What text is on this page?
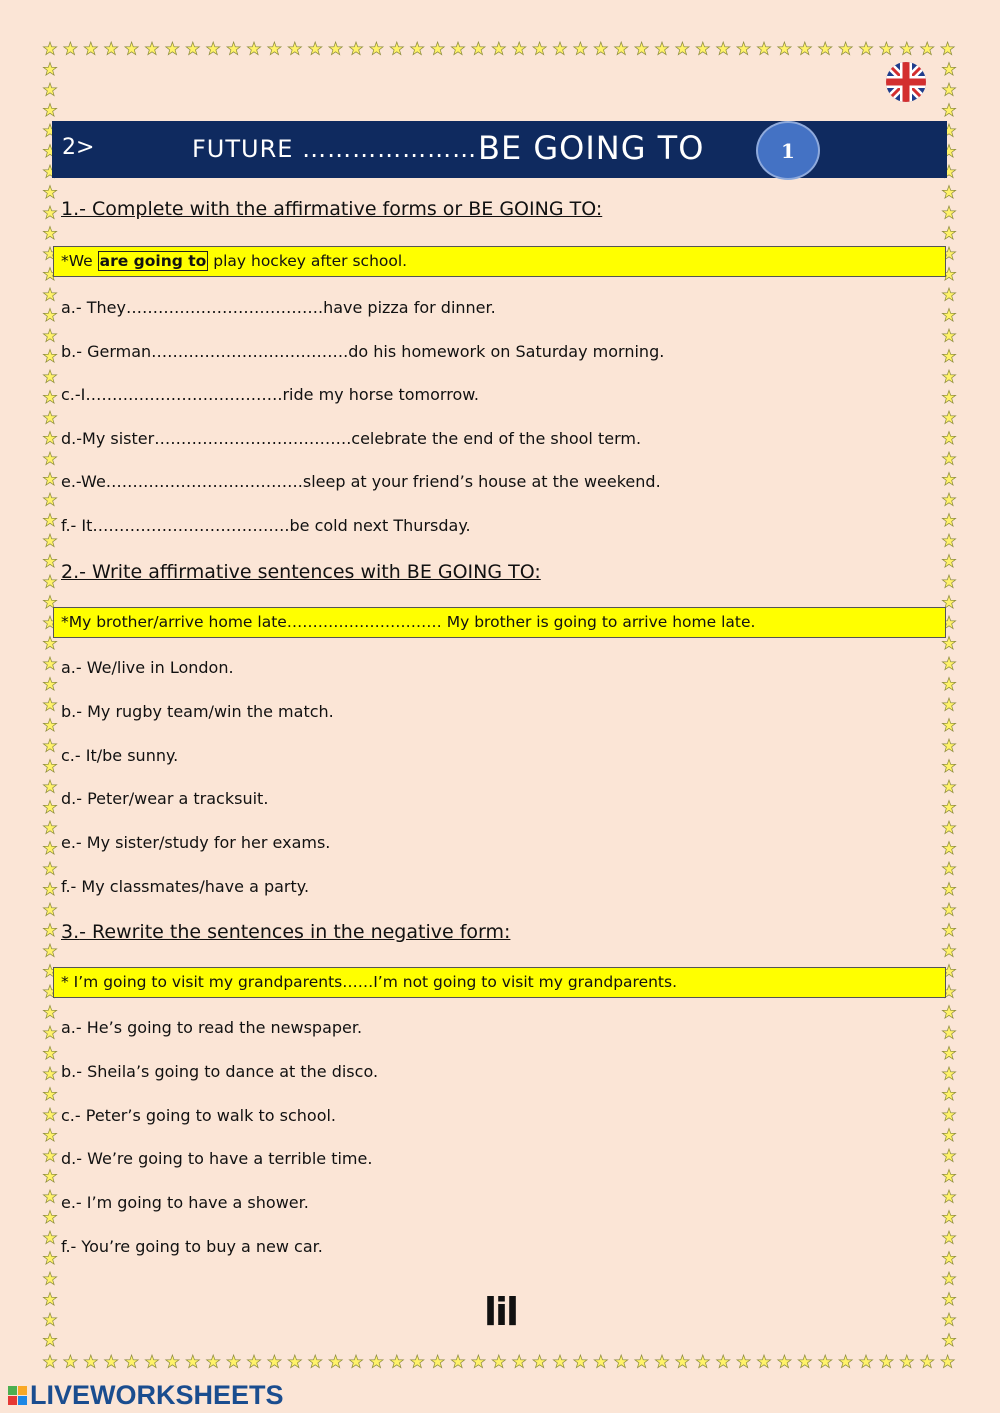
2>	FUTURE ………………… BE GOING TO	1
1.- Complete with the affirmative forms or BE GOING TO:
*We are going to play hockey after school.
a.- They……………………………….have pizza for dinner.
b.- German……………………………….do his homework on Saturday morning.
c.-I……………………………….ride my horse tomorrow.
d.-My sister……………………………….celebrate the end of the shool term.
e.-We……………………………….sleep at your friend’s house at the weekend.
f.- It……………………………….be cold next Thursday.
2.- Write affirmative sentences with BE GOING TO:
*My brother/arrive home late………………………… My brother is going to arrive home late.
a.- We/live in London.
b.- My rugby team/win the match.
c.- It/be sunny.
d.- Peter/wear a tracksuit.
e.- My sister/study for her exams.
f.- My classmates/have a party.
3.- Rewrite the sentences in the negative form:
* I’m going to visit my grandparents……I’m not going to visit my grandparents.
a.- He’s going to read the newspaper.
b.- Sheila’s going to dance at the disco.
c.- Peter’s going to walk to school.
d.- We’re going to have a terrible time.
e.- I’m going to have a shower.
f.- You’re going to buy a new car.
lil
LIVEWORKSHEETS
